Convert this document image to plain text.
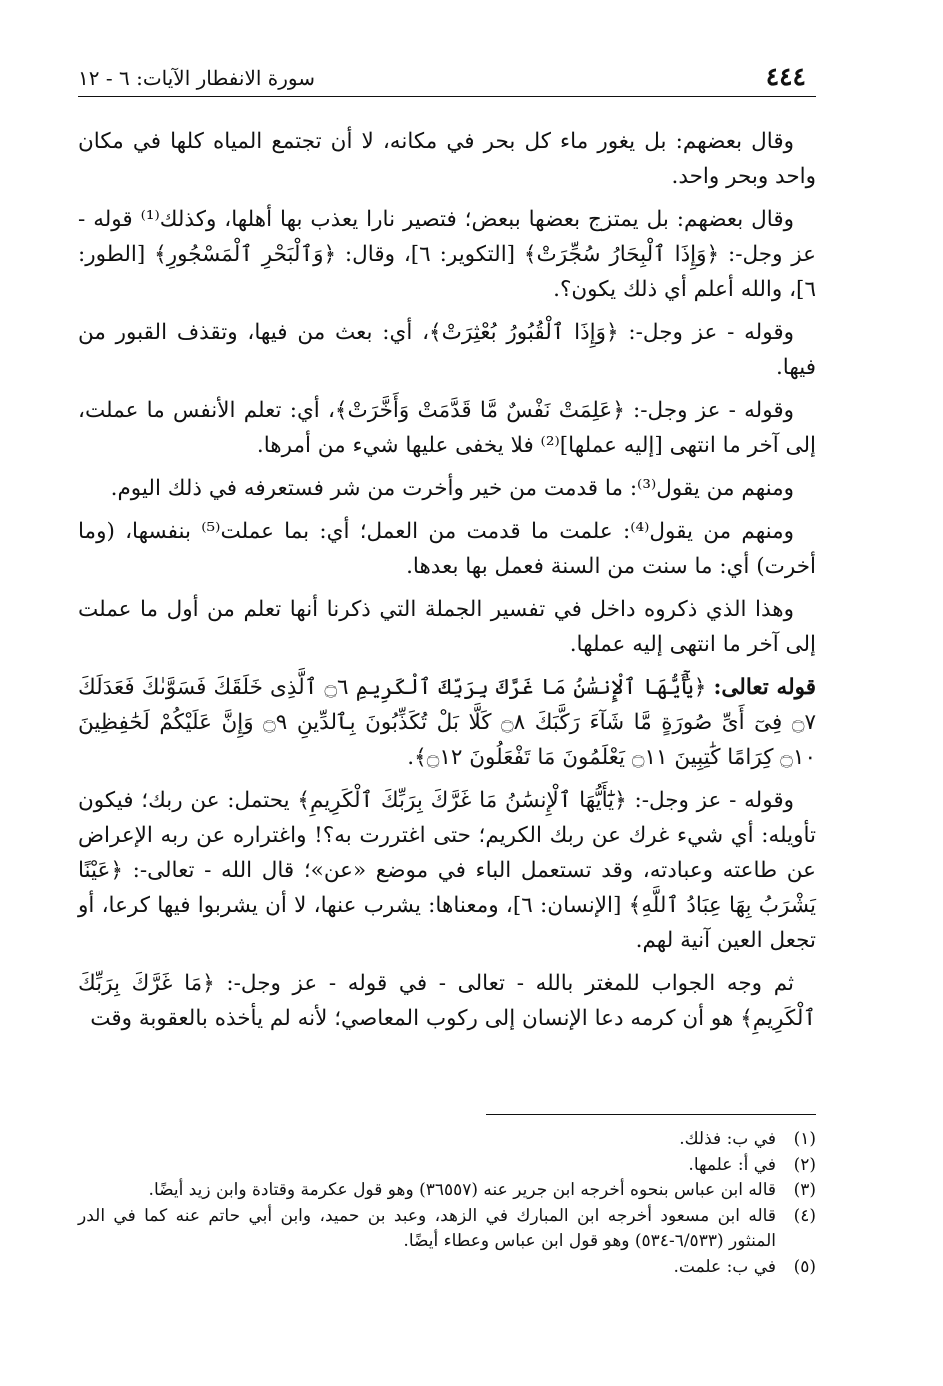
٤٤٤
سورة الانفطار الآيات: ٦ - ١٢

وقال بعضهم: بل يغور ماء كل بحر في مكانه، لا أن تجتمع المياه كلها في مكان واحد وبحر واحد.

وقال بعضهم: بل يمتزج بعضها ببعض؛ فتصير نارا يعذب بها أهلها، وكذلك⁽¹⁾ قوله - عز وجل-: ﴿وَإِذَا ٱلْبِحَارُ سُجِّرَتْ﴾ [التكوير: ٦]، وقال: ﴿وَٱلْبَحْرِ ٱلْمَسْجُورِ﴾ [الطور: ٦]، والله أعلم أي ذلك يكون؟.

وقوله - عز وجل-: ﴿وَإِذَا ٱلْقُبُورُ بُعْثِرَتْ﴾، أي: بعث من فيها، وتقذف القبور من فيها.

وقوله - عز وجل-: ﴿عَلِمَتْ نَفْسٌ مَّا قَدَّمَتْ وَأَخَّرَتْ﴾، أي: تعلم الأنفس ما عملت، إلى آخر ما انتهى [إليه عملها]⁽²⁾ فلا يخفى عليها شيء من أمرها.

ومنهم من يقول⁽³⁾: ما قدمت من خير وأخرت من شر فستعرفه في ذلك اليوم.

ومنهم من يقول⁽⁴⁾: علمت ما قدمت من العمل؛ أي: بما عملت⁽⁵⁾ بنفسها، (وما أخرت) أي: ما سنت من السنة فعمل بها بعدها.

وهذا الذي ذكروه داخل في تفسير الجملة التي ذكرنا أنها تعلم من أول ما عملت إلى آخر ما انتهى إليه عملها.

قوله تعالى: ﴿يَٰٓأَيُّهَا ٱلْإِنسَٰنُ مَا غَرَّكَ بِرَبِّكَ ٱلْكَرِيمِ ۝٦ ٱلَّذِى خَلَقَكَ فَسَوَّىٰكَ فَعَدَلَكَ ۝٧ فِىٓ أَىِّ صُورَةٍ مَّا شَآءَ رَكَّبَكَ ۝٨ كَلَّا بَلْ تُكَذِّبُونَ بِٱلدِّينِ ۝٩ وَإِنَّ عَلَيْكُمْ لَحَٰفِظِينَ ۝١٠ كِرَامًا كَٰتِبِينَ ۝١١ يَعْلَمُونَ مَا تَفْعَلُونَ ۝١٢﴾.

وقوله - عز وجل-: ﴿يَٰٓأَيُّهَا ٱلْإِنسَٰنُ مَا غَرَّكَ بِرَبِّكَ ٱلْكَرِيمِ﴾ يحتمل: عن ربك؛ فيكون تأويله: أي شيء غرك عن ربك الكريم؛ حتى اغتررت به؟! واغتراره عن ربه الإعراض عن طاعته وعبادته، وقد تستعمل الباء في موضع «عن»؛ قال الله - تعالى-: ﴿عَيْنًا يَشْرَبُ بِهَا عِبَادُ ٱللَّهِ﴾ [الإنسان: ٦]، ومعناها: يشرب عنها، لا أن يشربوا فيها كرعا، أو تجعل العين آنية لهم.

ثم وجه الجواب للمغتر بالله - تعالى - في قوله - عز وجل-: ﴿مَا غَرَّكَ بِرَبِّكَ ٱلْكَرِيمِ﴾ هو أن كرمه دعا الإنسان إلى ركوب المعاصي؛ لأنه لم يأخذه بالعقوبة وقت

(١)
في ب: فذلك.
(٢)
في أ: علمها.
(٣)
قاله ابن عباس بنحوه أخرجه ابن جرير عنه (٣٦٥٥٧) وهو قول عكرمة وقتادة وابن زيد أيضًا.
(٤)
قاله ابن مسعود أخرجه ابن المبارك في الزهد، وعبد بن حميد، وابن أبي حاتم عنه كما في الدر المنثور (٦/٥٣٣-٥٣٤) وهو قول ابن عباس وعطاء أيضًا.
(٥)
في ب: علمت.
